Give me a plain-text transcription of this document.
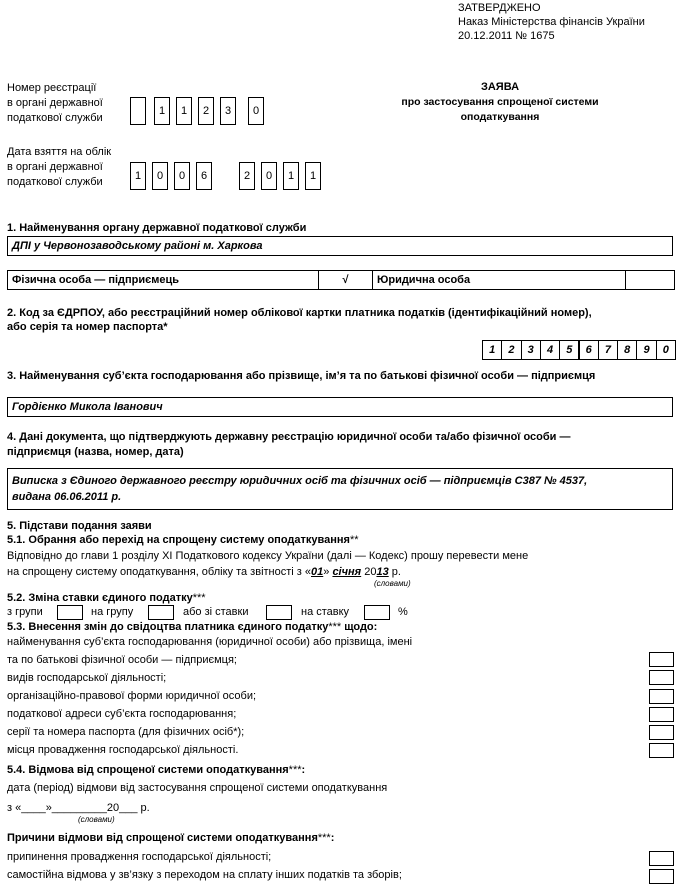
ЗАТВЕРДЖЕНО
Наказ Міністерства фінансів України
20.12.2011 № 1675
Номер реєстрації
в органі державної
податкової служби
1	1	2	3	0
Дата взяття на облік
в органі державної
податкової служби	1	0	0	6	2	0	1	1
ЗАЯВА
про застосування спрощеної системи
оподаткування
1. Найменування органу державної податкової служби
ДПІ у Червонозаводському районі м. Харкова
Фізична особа — підприємець	√	Юридична особа
2. Код за ЄДРПОУ, або реєстраційний номер облікової картки платника податків (ідентифікаційний номер),
або серія та номер паспорта*
1	2	3	4	5	6	7	8	9	0
3. Найменування суб’єкта господарювання або прізвище, ім’я та по батькові фізичної особи — підприємця
Гордієнко Микола Іванович
4. Дані документа, що підтверджують державну реєстрацію юридичної особи та/або фізичної особи —
підприємця (назва, номер, дата)
Виписка з Єдиного державного реєстру юридичних осіб та фізичних осіб — підприємців С387 № 4537,
видана 06.06.2011 р.
5. Підстави подання заяви
5.1. Обрання або перехід на спрощену систему оподаткування**
Відповідно до глави 1 розділу XI Податкового кодексу України (далі — Кодекс) прошу перевести мене
на спрощену систему оподаткування, обліку та звітності з «01» січня 2013 р.
(словами)
5.2. Зміна ставки єдиного податку***
з групи	на групу	або зі ставки	на ставку	%
5.3. Внесення змін до свідоцтва платника єдиного податку*** щодо:
найменування суб’єкта господарювання (юридичної особи) або прізвища, імені
та по батькові фізичної особи — підприємця;
видів господарської діяльності;
організаційно-правової форми юридичної особи;
податкової адреси суб’єкта господарювання;
серії та номера паспорта (для фізичних осіб*);
місця провадження господарської діяльності.
5.4. Відмова від спрощеної системи оподаткування***:
дата (період) відмови від застосування спрощеної системи оподаткування
з «____»_________20___ р.
(словами)
Причини відмови від спрощеної системи оподаткування***:
припинення провадження господарської діяльності;
самостійна відмова у зв’язку з переходом на сплату інших податків та зборів;
